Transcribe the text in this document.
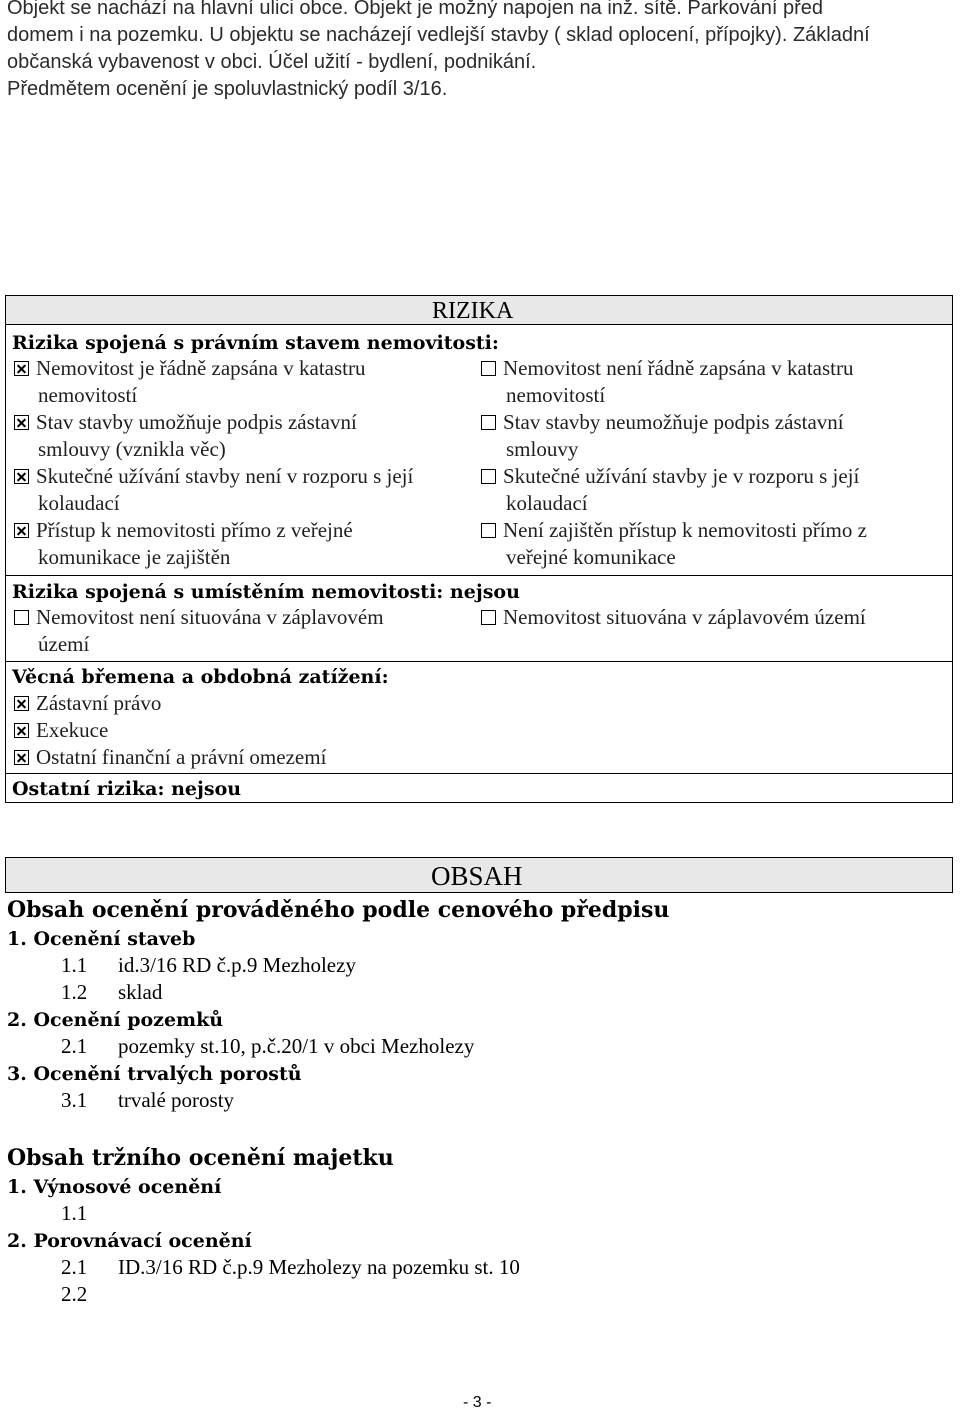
Objekt se nachází na hlavní ulici obce. Objekt je možný napojen na inž. sítě. Parkování před
domem i na pozemku. U objektu se nacházejí vedlejší stavby ( sklad oplocení, přípojky). Základní
občanská vybavenost v obci. Účel užití - bydlení, podnikání.
Předmětem ocenění je spoluvlastnický podíl 3/16.
RIZIKA
Rizika spojená s právním stavem nemovitosti:
Nemovitost je řádně zapsána v katastru
nemovitostí
Nemovitost není řádně zapsána v katastru
nemovitostí
Stav stavby umožňuje podpis zástavní
smlouvy (vznikla věc)
Stav stavby neumožňuje podpis zástavní
smlouvy
Skutečné užívání stavby není v rozporu s její
kolaudací
Skutečné užívání stavby je v rozporu s její
kolaudací
Přístup k nemovitosti přímo z veřejné
komunikace je zajištěn
Není zajištěn přístup k nemovitosti přímo z
veřejné komunikace
Rizika spojená s umístěním nemovitosti: nejsou
Nemovitost není situována v záplavovém
území
Nemovitost situována v záplavovém území
Věcná břemena a obdobná zatížení:
Zástavní právo
Exekuce
Ostatní finanční a právní omezemí
Ostatní rizika: nejsou
OBSAH
Obsah ocenění prováděného podle cenového předpisu
1. Ocenění staveb
1.1 id.3/16 RD č.p.9 Mezholezy
1.2 sklad
2. Ocenění pozemků
2.1 pozemky st.10, p.č.20/1 v obci Mezholezy
3. Ocenění trvalých porostů
3.1 trvalé porosty
Obsah tržního ocenění majetku
1. Výnosové ocenění
1.1
2. Porovnávací ocenění
2.1 ID.3/16 RD č.p.9 Mezholezy na pozemku st. 10
2.2
- 3 -
